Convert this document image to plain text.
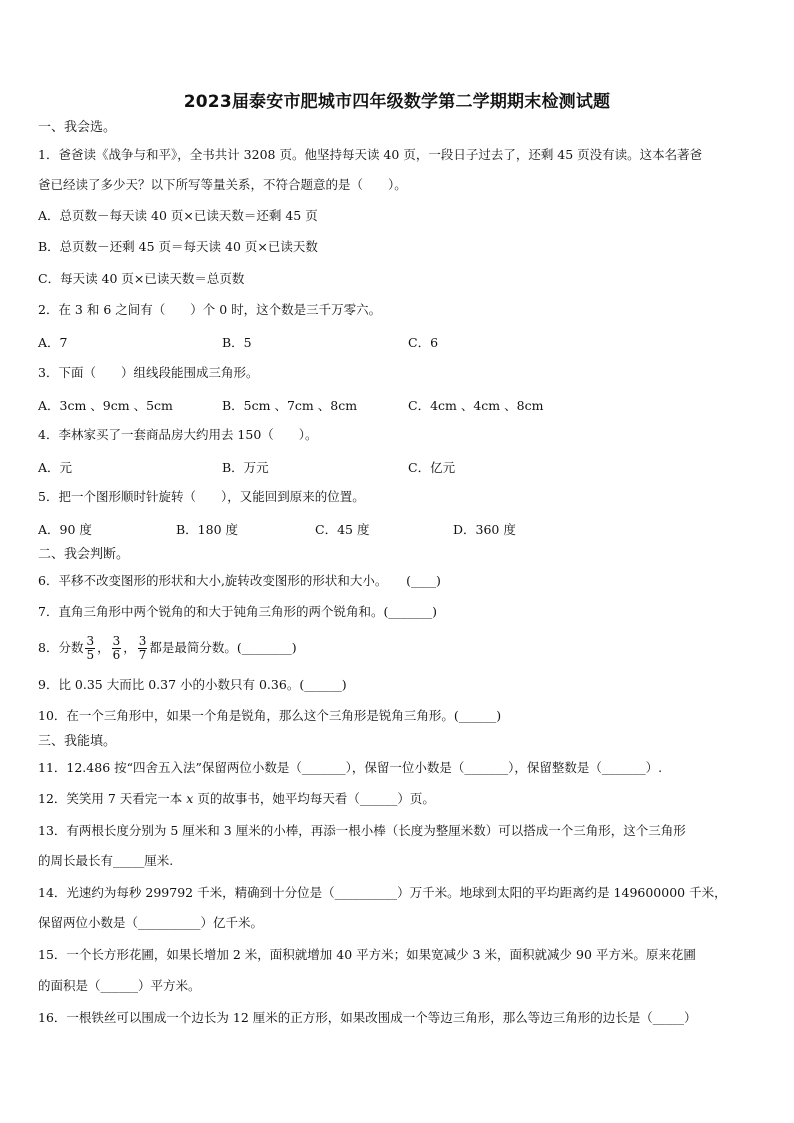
2023届泰安市肥城市四年级数学第二学期期末检测试题
一、我会选。
1．爸爸读《战争与和平》，全书共计 3208 页。他坚持每天读 40 页，一段日子过去了，还剩 45 页没有读。这本名著爸
爸已经读了多少天？以下所写等量关系，不符合题意的是（　　）。
A．总页数－每天读 40 页×已读天数＝还剩 45 页
B．总页数－还剩 45 页＝每天读 40 页×已读天数
C．每天读 40 页×已读天数＝总页数
2．在 3 和 6 之间有（　　）个 0 时，这个数是三千万零六。
A．7	B．5	C．6
3．下面（　　）组线段能围成三角形。
A．3cm 、9cm 、5cm	B．5cm 、7cm 、8cm	C．4cm 、4cm 、8cm
4．李林家买了一套商品房大约用去 150（　　）。
A．元	B．万元	C．亿元
5．把一个图形顺时针旋转（　　），又能回到原来的位置。
A．90 度	B．180 度	C．45 度	D．360 度
二、我会判断。
6．平移不改变图形的形状和大小,旋转改变图形的形状和大小。　　(____)
7．直角三角形中两个锐角的和大于钝角三角形的两个锐角和。(_______)
8．分数 $\frac{3}{5}$ ， $\frac{3}{6}$ ， $\frac{3}{7}$ 都是最简分数。(________)
9．比 0.35 大而比 0.37 小的小数只有 0.36。(______)
10．在一个三角形中，如果一个角是锐角，那么这个三角形是锐角三角形。(______)
三、我能填。
11．12.486 按“四舍五入法”保留两位小数是（_______），保留一位小数是（_______），保留整数是（_______）.
12．笑笑用 7 天看完一本 x 页的故事书，她平均每天看（______）页。
13．有两根长度分别为 5 厘米和 3 厘米的小棒，再添一根小棒（长度为整厘米数）可以搭成一个三角形，这个三角形
的周长最长有_____厘米.
14．光速约为每秒 299792 千米，精确到十分位是（__________）万千米。地球到太阳的平均距离约是 149600000 千米，
保留两位小数是（__________）亿千米。
15．一个长方形花圃，如果长增加 2 米，面积就增加 40 平方米；如果宽减少 3 米，面积就减少 90 平方米。原来花圃
的面积是（______）平方米。
16．一根铁丝可以围成一个边长为 12 厘米的正方形，如果改围成一个等边三角形，那么等边三角形的边长是（_____）
